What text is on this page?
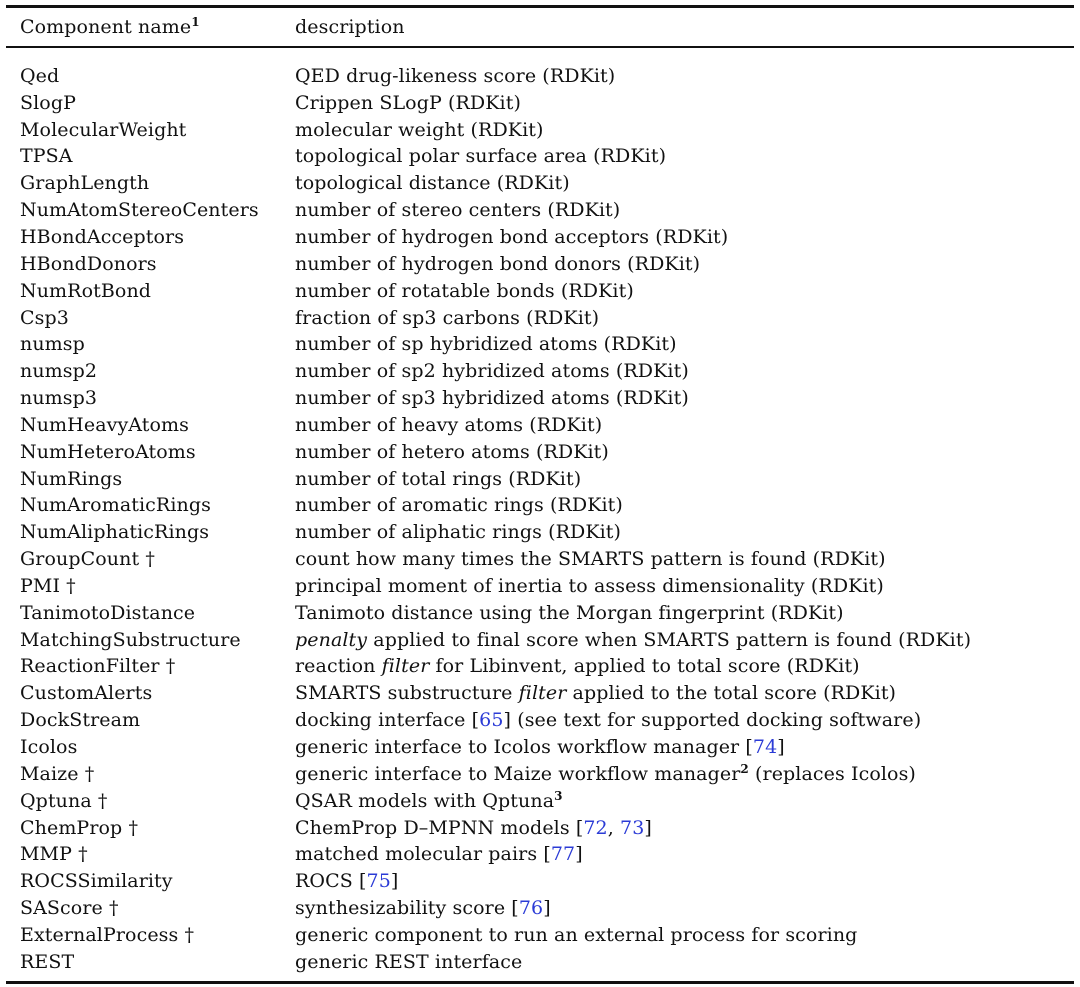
Component name$^1$	description
Qed	QED drug-likeness score (RDKit)
SlogP	Crippen SLogP (RDKit)
MolecularWeight	molecular weight (RDKit)
TPSA	topological polar surface area (RDKit)
GraphLength	topological distance (RDKit)
NumAtomStereoCenters	number of stereo centers (RDKit)
HBondAcceptors	number of hydrogen bond acceptors (RDKit)
HBondDonors	number of hydrogen bond donors (RDKit)
NumRotBond	number of rotatable bonds (RDKit)
Csp3	fraction of sp3 carbons (RDKit)
numsp	number of sp hybridized atoms (RDKit)
numsp2	number of sp2 hybridized atoms (RDKit)
numsp3	number of sp3 hybridized atoms (RDKit)
NumHeavyAtoms	number of heavy atoms (RDKit)
NumHeteroAtoms	number of hetero atoms (RDKit)
NumRings	number of total rings (RDKit)
NumAromaticRings	number of aromatic rings (RDKit)
NumAliphaticRings	number of aliphatic rings (RDKit)
GroupCount †	count how many times the SMARTS pattern is found (RDKit)
PMI †	principal moment of inertia to assess dimensionality (RDKit)
TanimotoDistance	Tanimoto distance using the Morgan fingerprint (RDKit)
MatchingSubstructure	penalty applied to final score when SMARTS pattern is found (RDKit)
ReactionFilter †	reaction filter for Libinvent, applied to total score (RDKit)
CustomAlerts	SMARTS substructure filter applied to the total score (RDKit)
DockStream	docking interface [65] (see text for supported docking software)
Icolos	generic interface to Icolos workflow manager [74]
Maize †	generic interface to Maize workflow manager$^2$ (replaces Icolos)
Qptuna †	QSAR models with Qptuna$^3$
ChemProp †	ChemProp D–MPNN models [72, 73]
MMP †	matched molecular pairs [77]
ROCSSimilarity	ROCS [75]
SAScore †	synthesizability score [76]
ExternalProcess †	generic component to run an external process for scoring
REST	generic REST interface
